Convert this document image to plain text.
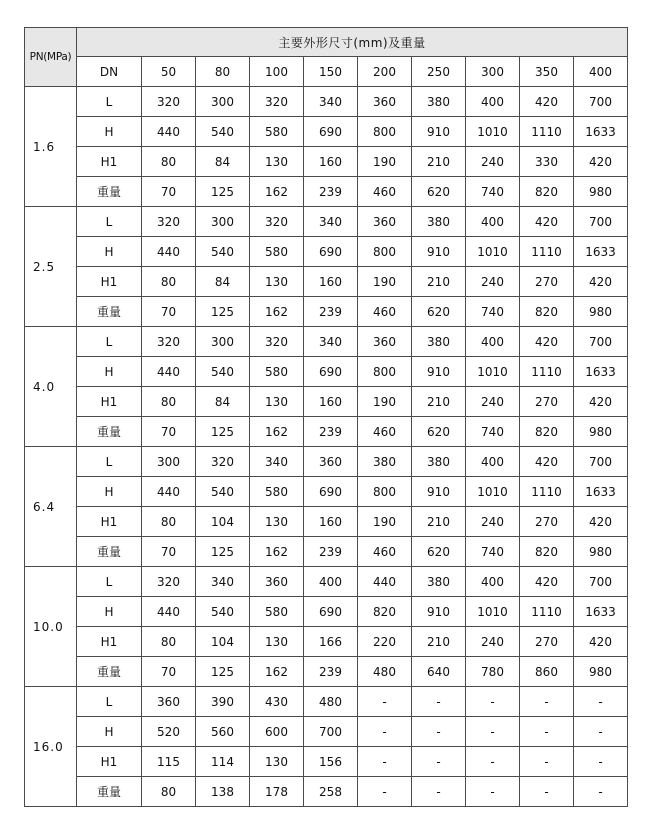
PN(MPa)	主要外形尺寸(mm)及重量									
	DN	50	80	100	150	200	250	300	350	400
1.6	L	320	300	320	340	360	380	400	420	700
	H	440	540	580	690	800	910	1010	1110	1633
	H1	80	84	130	160	190	210	240	330	420
	重量	70	125	162	239	460	620	740	820	980
2.5	L	320	300	320	340	360	380	400	420	700
	H	440	540	580	690	800	910	1010	1110	1633
	H1	80	84	130	160	190	210	240	270	420
	重量	70	125	162	239	460	620	740	820	980
4.0	L	320	300	320	340	360	380	400	420	700
	H	440	540	580	690	800	910	1010	1110	1633
	H1	80	84	130	160	190	210	240	270	420
	重量	70	125	162	239	460	620	740	820	980
6.4	L	300	320	340	360	380	380	400	420	700
	H	440	540	580	690	800	910	1010	1110	1633
	H1	80	104	130	160	190	210	240	270	420
	重量	70	125	162	239	460	620	740	820	980
10.0	L	320	340	360	400	440	380	400	420	700
	H	440	540	580	690	820	910	1010	1110	1633
	H1	80	104	130	166	220	210	240	270	420
	重量	70	125	162	239	480	640	780	860	980
16.0	L	360	390	430	480	-	-	-	-	-
	H	520	560	600	700	-	-	-	-	-
	H1	115	114	130	156	-	-	-	-	-
	重量	80	138	178	258	-	-	-	-	-
